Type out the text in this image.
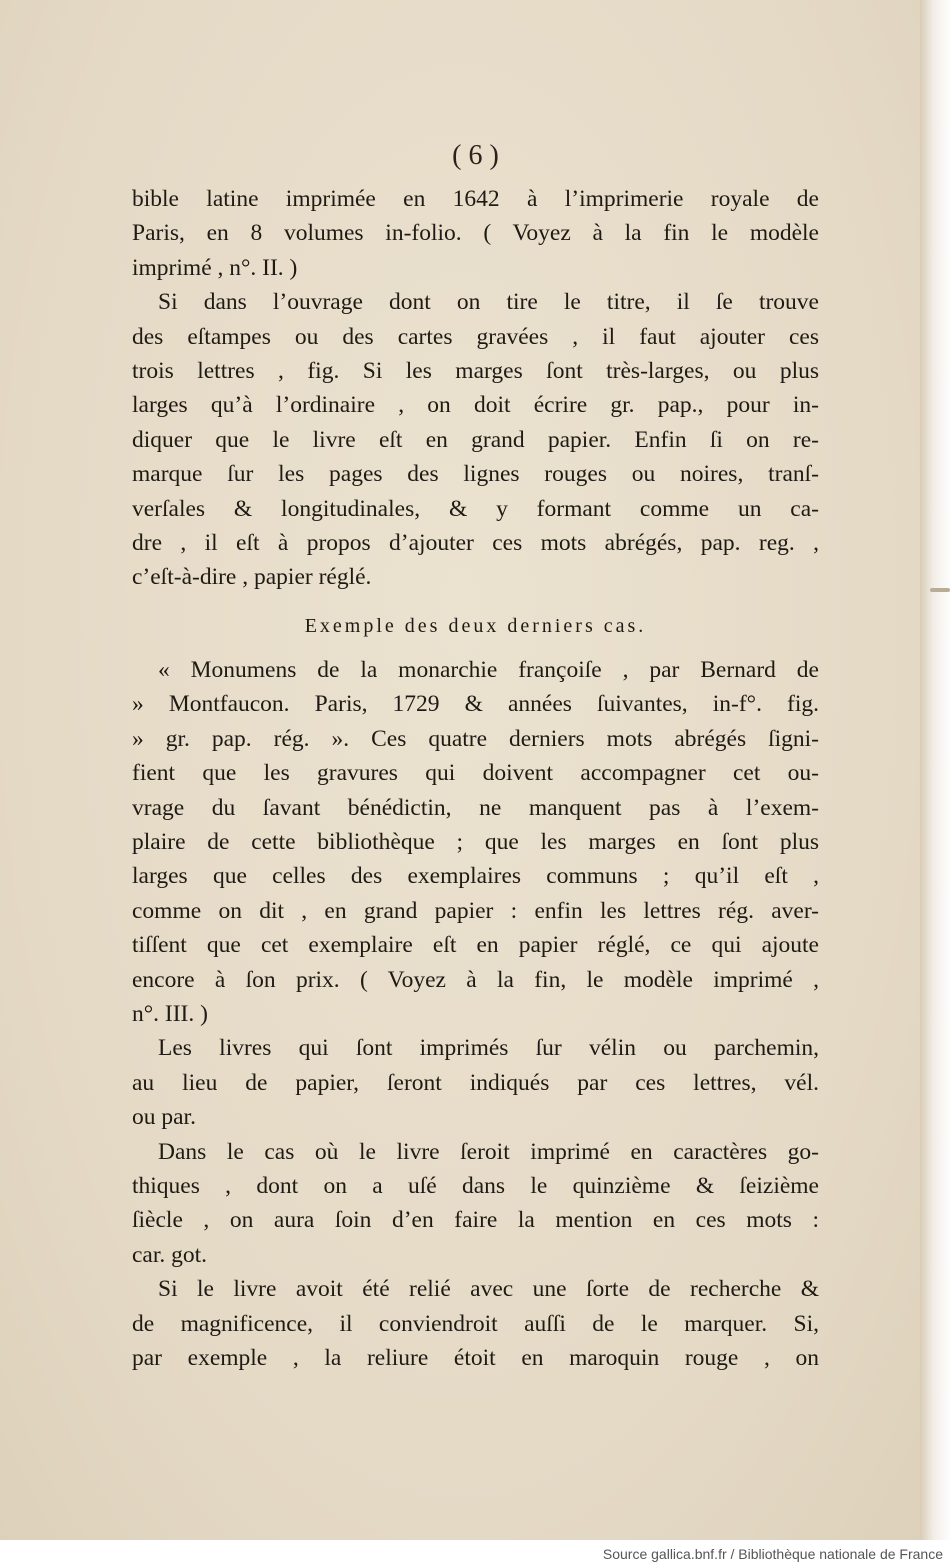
( 6 )
bible latine imprimée en 1642 à l’imprimerie royale de
Paris, en 8 volumes in-folio. ( Voyez à la fin le modèle
imprimé , n°. II. )
Si dans l’ouvrage dont on tire le titre, il ſe trouve
des eſtampes ou des cartes gravées , il faut ajouter ces
trois lettres , fig. Si les marges ſont très-larges, ou plus
larges qu’à l’ordinaire , on doit écrire gr. pap., pour in-
diquer que le livre eſt en grand papier. Enfin ſi on re-
marque ſur les pages des lignes rouges ou noires, tranſ-
verſales & longitudinales, & y formant comme un ca-
dre , il eſt à propos d’ajouter ces mots abrégés, pap. reg. ,
c’eſt-à-dire , papier réglé.
Exemple des deux derniers cas.
« Monumens de la monarchie françoiſe , par Bernard de
» Montfaucon. Paris, 1729 & années ſuivantes, in-f°. fig.
» gr. pap. rég. ». Ces quatre derniers mots abrégés ſigni-
fient que les gravures qui doivent accompagner cet ou-
vrage du ſavant bénédictin, ne manquent pas à l’exem-
plaire de cette bibliothèque ; que les marges en ſont plus
larges que celles des exemplaires communs ; qu’il eſt ,
comme on dit , en grand papier : enfin les lettres rég. aver-
tiſſent que cet exemplaire eſt en papier réglé, ce qui ajoute
encore à ſon prix. ( Voyez à la fin, le modèle imprimé ,
n°. III. )
Les livres qui ſont imprimés ſur vélin ou parchemin,
au lieu de papier, ſeront indiqués par ces lettres, vél.
ou par.
Dans le cas où le livre ſeroit imprimé en caractères go-
thiques , dont on a uſé dans le quinzième & ſeizième
ſiècle , on aura ſoin d’en faire la mention en ces mots :
car. got.
Si le livre avoit été relié avec une ſorte de recherche &
de magnificence, il conviendroit auſſi de le marquer. Si,
par exemple , la reliure étoit en maroquin rouge , on
Source gallica.bnf.fr / Bibliothèque nationale de France
